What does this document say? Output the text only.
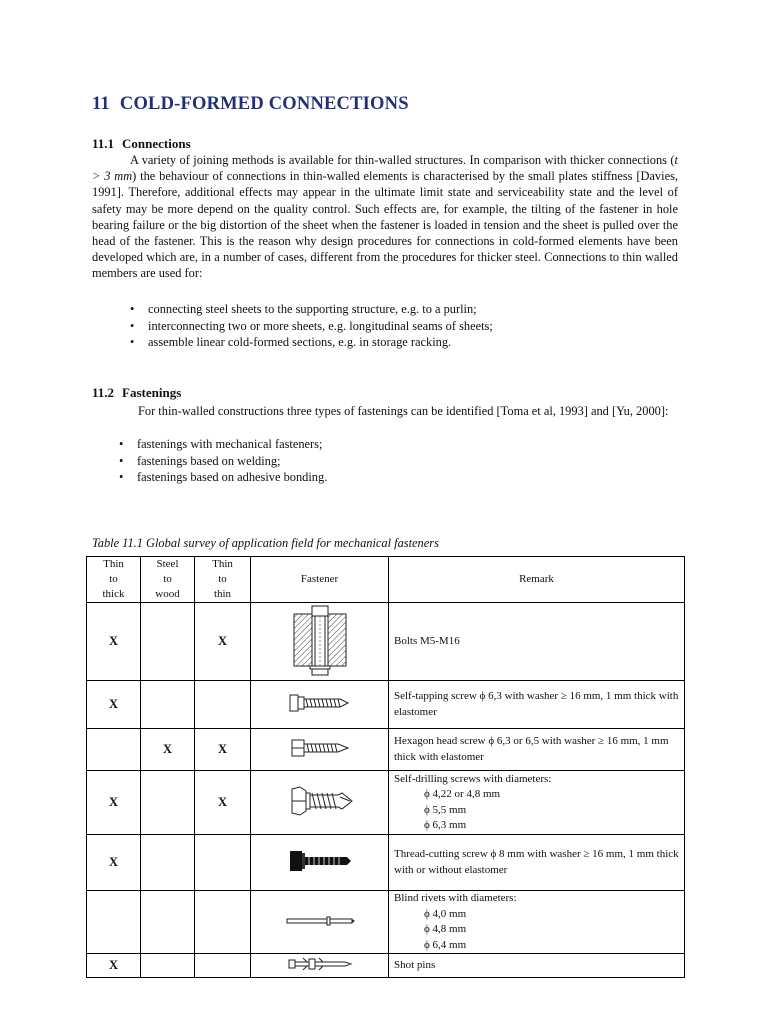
11 COLD-FORMED CONNECTIONS
11.1 Connections

A variety of joining methods is available for thin-walled structures. In comparison with thicker connections (t > 3 mm) the behaviour of connections in thin-walled elements is characterised by the small plates stiffness [Davies, 1991]. Therefore, additional effects may appear in the ultimate limit state and serviceability state and the level of safety may be more depend on the quality control. Such effects are, for example, the tilting of the fastener in hole bearing failure or the big distortion of the sheet when the fastener is loaded in tension and the sheet is pulled over the head of the fastener. This is the reason why design procedures for connections in cold-formed elements have been developed which are, in a number of cases, different from the procedures for thicker steel. Connections to thin walled members are used for:

• connecting steel sheets to the supporting structure, e.g. to a purlin;
• interconnecting two or more sheets, e.g. longitudinal seams of sheets;
• assemble linear cold-formed sections, e.g. in storage racking.
11.2 Fastenings

For thin-walled constructions three types of fastenings can be identified [Toma et al, 1993] and [Yu, 2000]:

• fastenings with mechanical fasteners;
• fastenings based on welding;
• fastenings based on adhesive bonding.
Table 11.1 Global survey of application field for mechanical fasteners
Thin
to
thick	Steel
to
wood	Thin
to
thin	Fastener	Remark
X		X		Bolts M5-M16
X				Self-tapping screw ϕ 6,3 with washer ≥ 16 mm, 1 mm thick with elastomer
	X	X		Hexagon head screw ϕ 6,3 or 6,5 with washer ≥ 16 mm, 1 mm thick with elastomer
X		X		Self-drilling screws with diameters:
ϕ 4,22 or 4,8 mm
ϕ 5,5 mm
ϕ 6,3 mm

X				Thread-cutting screw ϕ 8 mm with washer ≥ 16 mm, 1 mm thick with or without elastomer
				Blind rivets with diameters:
ϕ 4,0 mm
ϕ 4,8 mm
ϕ 6,4 mm

X				Shot pins
